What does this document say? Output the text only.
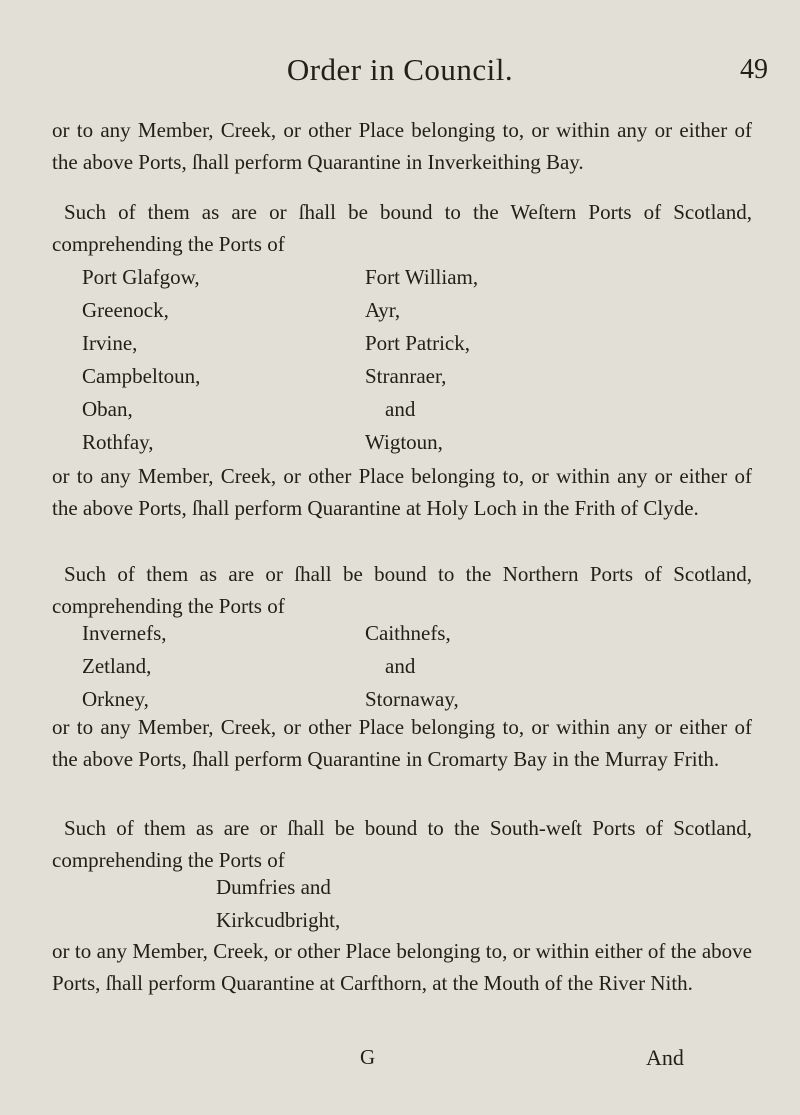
Order in Council.	49

or to any Member, Creek, or other Place belonging to, or within any or either of the above Ports, ſhall perform Quarantine in Inverkeithing Bay.

Such of them as are or ſhall be bound to the Weſtern Ports of Scotland, comprehending the Ports of

Port Glafgow,	Fort William,
Greenock,	Ayr,
Irvine,	Port Patrick,
Campbeltoun,	Stranraer,
Oban,	and
Rothfay,	Wigtoun,

or to any Member, Creek, or other Place belonging to, or within any or either of the above Ports, ſhall perform Quarantine at Holy Loch in the Frith of Clyde.

Such of them as are or ſhall be bound to the Northern Ports of Scotland, comprehending the Ports of

Invernefs,	Caithnefs,
Zetland,	and
Orkney,	Stornaway,

or to any Member, Creek, or other Place belonging to, or within any or either of the above Ports, ſhall perform Quarantine in Cromarty Bay in the Murray Frith.

Such of them as are or ſhall be bound to the South-weſt Ports of Scotland, comprehending the Ports of

Dumfries and
Kirkcudbright,

or to any Member, Creek, or other Place belonging to, or within either of the above Ports, ſhall perform Quarantine at Carfthorn, at the Mouth of the River Nith.

G	And
